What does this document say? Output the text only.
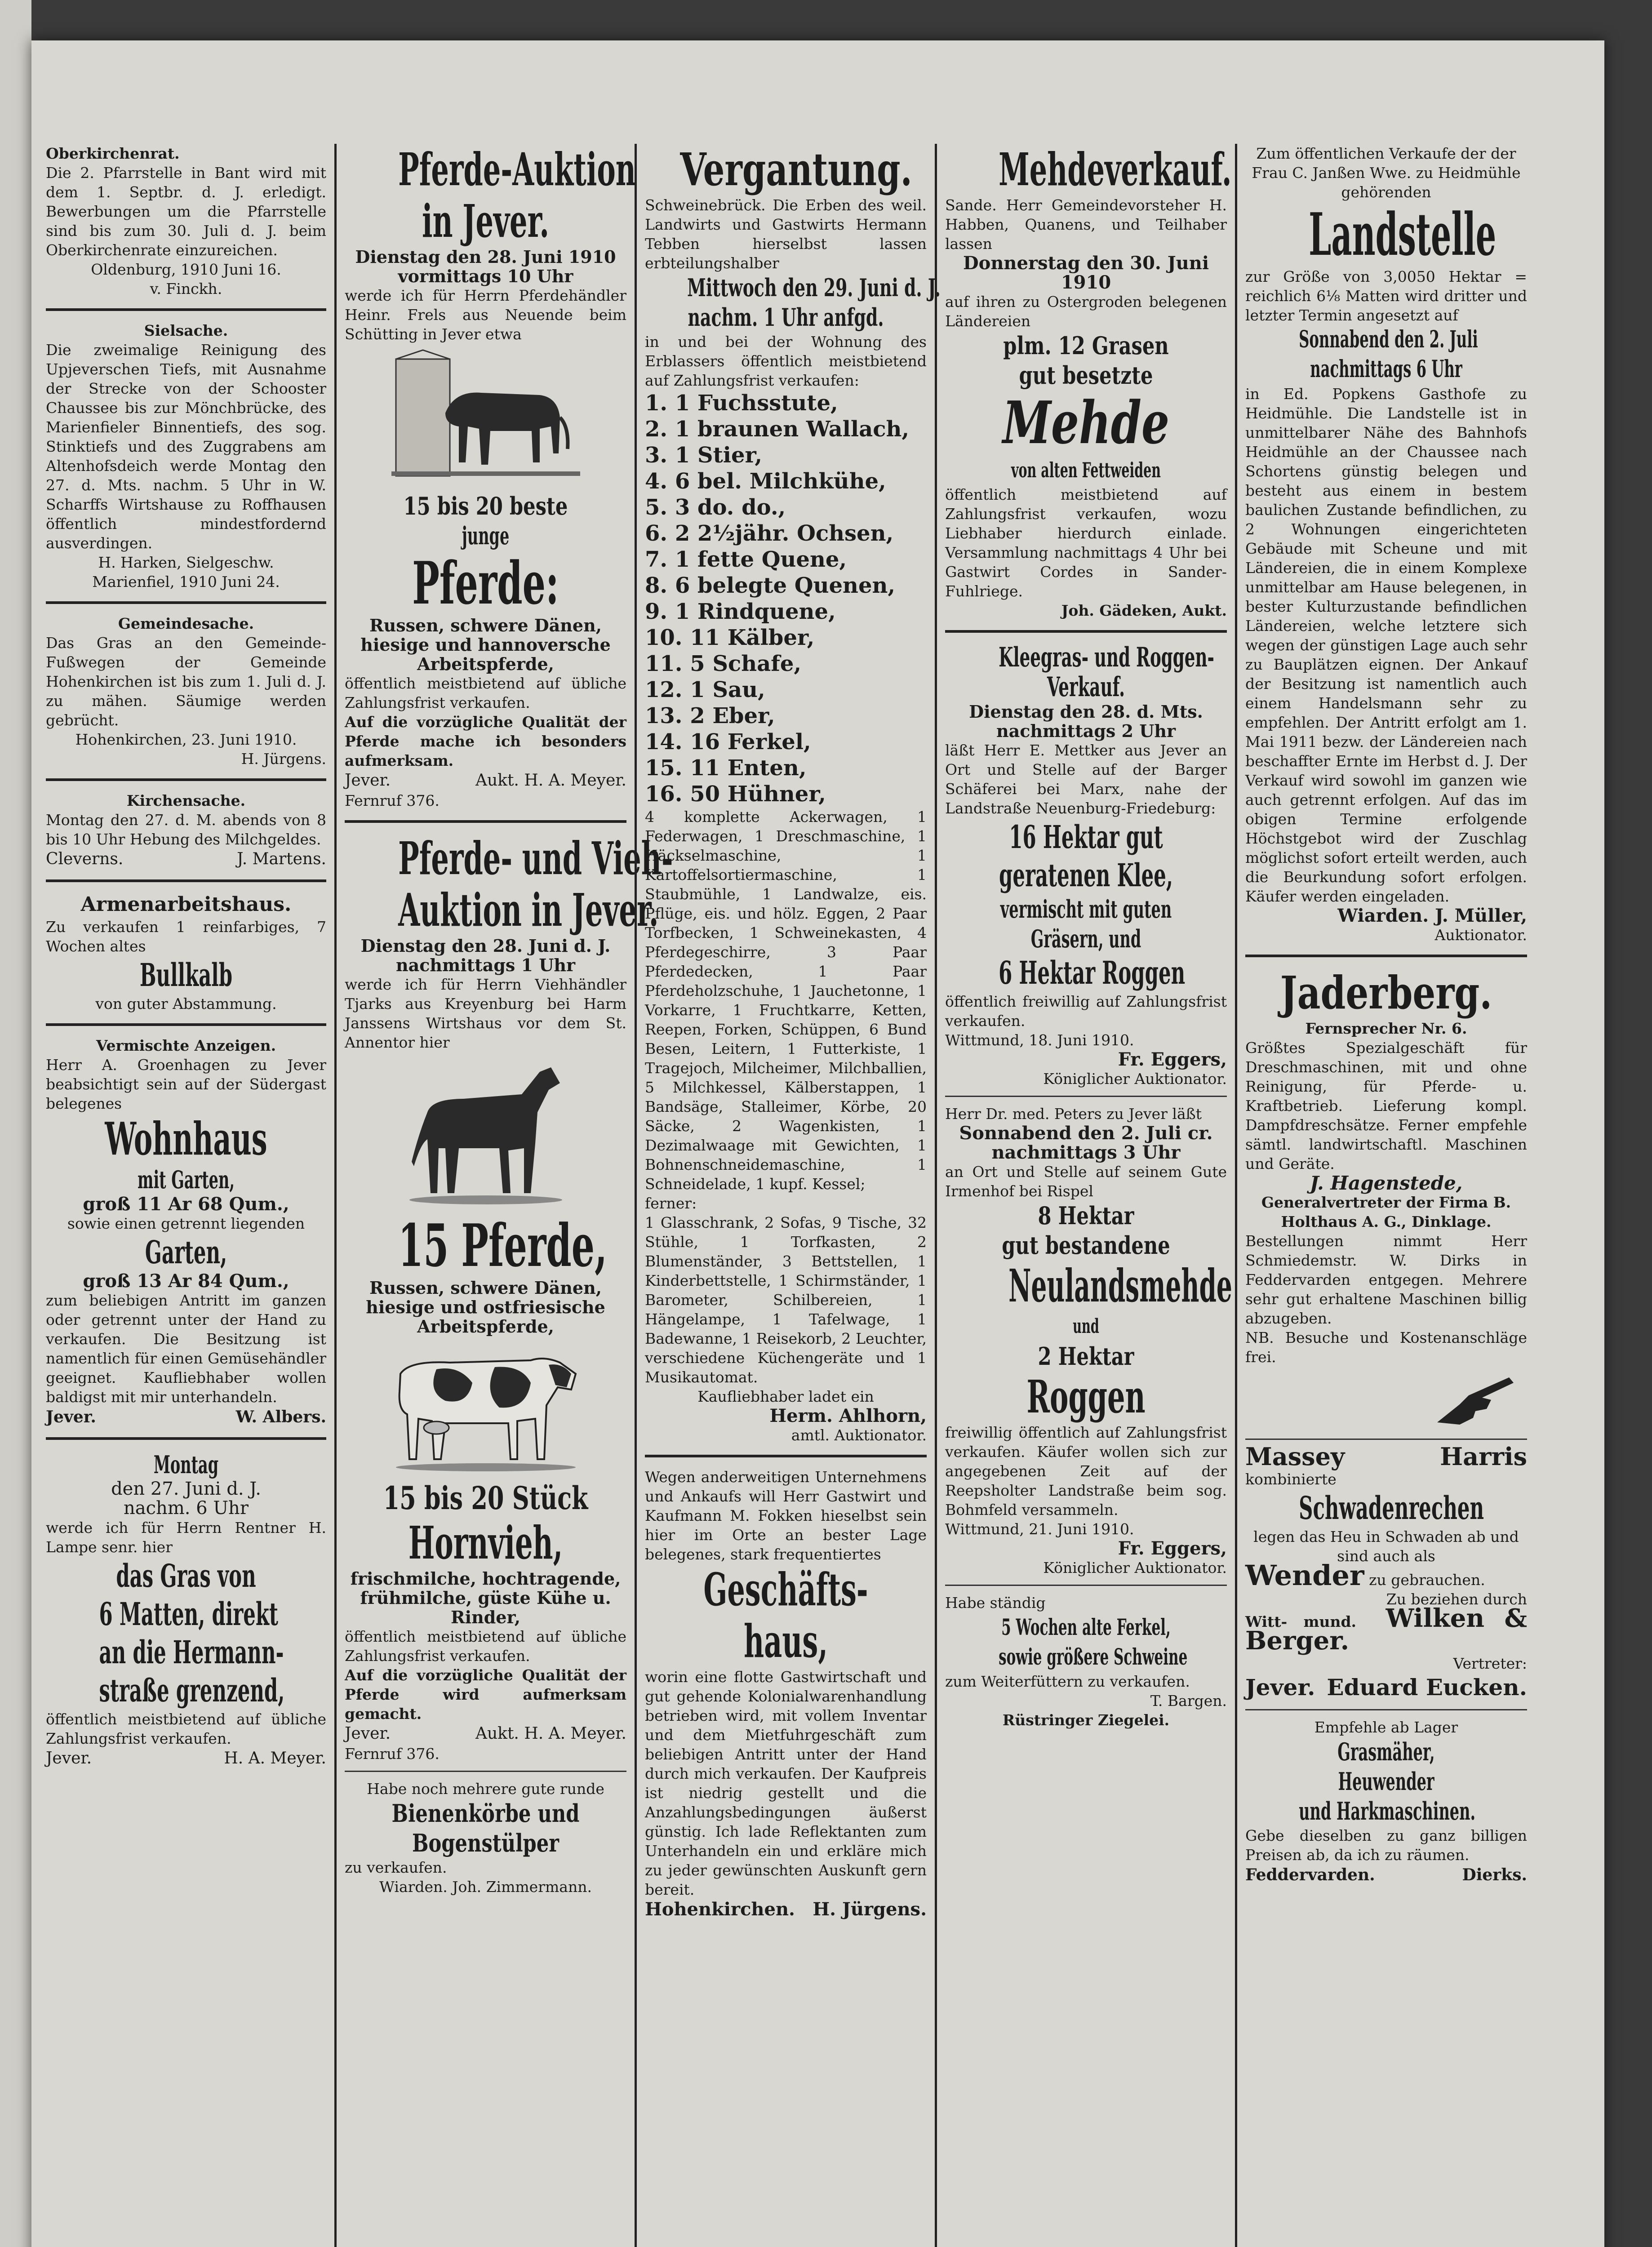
Oberkirchenrat.

Die 2. Pfarrstelle in Bant wird mit dem 1. Septbr. d. J. erledigt. Bewerbungen um die Pfarrstelle sind bis zum 30. Juli d. J. beim Oberkirchenrate einzureichen.

Oldenburg, 1910 Juni 16.

v. Finckh.

Sielsache.

Die zweimalige Reinigung des Upjeverschen Tiefs, mit Ausnahme der Strecke von der Schooster Chaussee bis zur Mönchbrücke, des Marienfieler Binnentiefs, des sog. Stinktiefs und des Zuggrabens am Altenhofsdeich werde Montag den 27. d. Mts. nachm. 5 Uhr in W. Scharffs Wirtshause zu Roffhausen öffentlich mindestfordernd ausverdingen.

H. Harken, Sielgeschw.

Marienfiel, 1910 Juni 24.

Gemeindesache.

Das Gras an den Gemeinde-Fußwegen der Gemeinde Hohenkirchen ist bis zum 1. Juli d. J. zu mähen. Säumige werden gebrücht.

Hohenkirchen, 23. Juni 1910.

H. Jürgens.

Kirchensache.

Montag den 27. d. M. abends von 8 bis 10 Uhr Hebung des Milchgeldes.

Cleverns.	J. Martens.

Armenarbeitshaus.

Zu verkaufen 1 reinfarbiges, 7 Wochen altes

Bullkalb

von guter Abstammung.

Vermischte Anzeigen.

Herr A. Groenhagen zu Jever beabsichtigt sein auf der Südergast belegenes

Wohnhaus

mit Garten,

groß 11 Ar 68 Qum.,

sowie einen getrennt liegenden

Garten,

groß 13 Ar 84 Qum.,

zum beliebigen Antritt im ganzen oder getrennt unter der Hand zu verkaufen. Die Besitzung ist namentlich für einen Gemüsehändler geeignet. Kaufliebhaber wollen baldigst mit mir unterhandeln.

Jever.	W. Albers.

Montag

den 27. Juni d. J.

nachm. 6 Uhr

werde ich für Herrn Rentner H. Lampe senr. hier

das Gras von

6 Matten, direkt

an die Hermann-

straße grenzend,

öffentlich meistbietend auf übliche Zahlungsfrist verkaufen.

Jever.	H. A. Meyer.

Pferde-Auktion

in Jever.

Dienstag den 28. Juni 1910

vormittags 10 Uhr

werde ich für Herrn Pferdehändler Heinr. Frels aus Neuende beim Schütting in Jever etwa

15 bis 20 beste

junge

Pferde:

Russen, schwere Dänen, hiesige und hannoversche Arbeitspferde,

öffentlich meistbietend auf übliche Zahlungsfrist verkaufen.

Auf die vorzügliche Qualität der Pferde mache ich besonders aufmerksam.

Jever.	Aukt. H. A. Meyer.

Fernruf 376.

Pferde- und Vieh-

Auktion in Jever.

Dienstag den 28. Juni d. J.

nachmittags 1 Uhr

werde ich für Herrn Viehhändler Tjarks aus Kreyenburg bei Harm Janssens Wirtshaus vor dem St. Annentor hier

15 Pferde,

Russen, schwere Dänen, hiesige und ostfriesische Arbeitspferde,

15 bis 20 Stück

Hornvieh,

frischmilche, hochtragende, frühmilche, güste Kühe u. Rinder,

öffentlich meistbietend auf übliche Zahlungsfrist verkaufen.

Auf die vorzügliche Qualität der Pferde wird aufmerksam gemacht.

Jever.	Aukt. H. A. Meyer.

Fernruf 376.

Habe noch mehrere gute runde

Bienenkörbe und

Bogenstülper

zu verkaufen.

Wiarden. Joh. Zimmermann.

Vergantung.

Schweinebrück. Die Erben des weil. Landwirts und Gastwirts Hermann Tebben hierselbst lassen erbteilungshalber

Mittwoch den 29. Juni d. J.

nachm. 1 Uhr anfgd.

in und bei der Wohnung des Erblassers öffentlich meistbietend auf Zahlungsfrist verkaufen:

1. 1 Fuchsstute,

2. 1 braunen Wallach,

3. 1 Stier,

4. 6 bel. Milchkühe,

5. 3 do. do.,

6. 2 2½jähr. Ochsen,

7. 1 fette Quene,

8. 6 belegte Quenen,

9. 1 Rindquene,

10. 11 Kälber,

11. 5 Schafe,

12. 1 Sau,

13. 2 Eber,

14. 16 Ferkel,

15. 11 Enten,

16. 50 Hühner,

4 komplette Ackerwagen, 1 Federwagen, 1 Dreschmaschine, 1 Häckselmaschine, 1 Kartoffelsortiermaschine, 1 Staubmühle, 1 Landwalze, eis. Pflüge, eis. und hölz. Eggen, 2 Paar Torfbecken, 1 Schweinekasten, 4 Pferdegeschirre, 3 Paar Pferdedecken, 1 Paar Pferdeholzschuhe, 1 Jauchetonne, 1 Vorkarre, 1 Fruchtkarre, Ketten, Reepen, Forken, Schüppen, 6 Bund Besen, Leitern, 1 Futterkiste, 1 Tragejoch, Milcheimer, Milchballien, 5 Milchkessel, Kälberstappen, 1 Bandsäge, Stalleimer, Körbe, 20 Säcke, 2 Wagenkisten, 1 Dezimalwaage mit Gewichten, 1 Bohnenschneidemaschine, 1 Schneidelade, 1 kupf. Kessel;

ferner:

1 Glasschrank, 2 Sofas, 9 Tische, 32 Stühle, 1 Torfkasten, 2 Blumenständer, 3 Bettstellen, 1 Kinderbettstelle, 1 Schirmständer, 1 Barometer, Schilbereien, 1 Hängelampe, 1 Tafelwage, 1 Badewanne, 1 Reisekorb, 2 Leuchter, verschiedene Küchengeräte und 1 Musikautomat.

Kaufliebhaber ladet ein

Herm. Ahlhorn,

amtl. Auktionator.

Wegen anderweitigen Unternehmens und Ankaufs will Herr Gastwirt und Kaufmann M. Fokken hieselbst sein hier im Orte an bester Lage belegenes, stark frequentiertes

Geschäfts-

haus,

worin eine flotte Gastwirtschaft und gut gehende Kolonialwarenhandlung betrieben wird, mit vollem Inventar und dem Mietfuhrgeschäft zum beliebigen Antritt unter der Hand durch mich verkaufen. Der Kaufpreis ist niedrig gestellt und die Anzahlungsbedingungen äußerst günstig. Ich lade Reflektanten zum Unterhandeln ein und erkläre mich zu jeder gewünschten Auskunft gern bereit.

Hohenkirchen. H. Jürgens.

Mehdeverkauf.

Sande. Herr Gemeindevorsteher H. Habben, Quanens, und Teilhaber lassen

Donnerstag den 30. Juni 1910

auf ihren zu Ostergroden belegenen Ländereien

plm. 12 Grasen

gut besetzte

Mehde

von alten Fettweiden

öffentlich meistbietend auf Zahlungsfrist verkaufen, wozu Liebhaber hierdurch einlade. Versammlung nachmittags 4 Uhr bei Gastwirt Cordes in Sander-Fuhlriege.

Joh. Gädeken, Aukt.

Kleegras- und Roggen-

Verkauf.

Dienstag den 28. d. Mts.

nachmittags 2 Uhr

läßt Herr E. Mettker aus Jever an Ort und Stelle auf der Barger Schäferei bei Marx, nahe der Landstraße Neuenburg-Friedeburg:

16 Hektar gut

geratenen Klee,

vermischt mit guten

Gräsern, und

6 Hektar Roggen

öffentlich freiwillig auf Zahlungsfrist verkaufen.

Wittmund, 18. Juni 1910.

Fr. Eggers,

Königlicher Auktionator.

Herr Dr. med. Peters zu Jever läßt

Sonnabend den 2. Juli cr.

nachmittags 3 Uhr

an Ort und Stelle auf seinem Gute Irmenhof bei Rispel

8 Hektar

gut bestandene

Neulandsmehde

und

2 Hektar

Roggen

freiwillig öffentlich auf Zahlungsfrist verkaufen. Käufer wollen sich zur angegebenen Zeit auf der Reepsholter Landstraße beim sog. Bohmfeld versammeln.

Wittmund, 21. Juni 1910.

Fr. Eggers,

Königlicher Auktionator.

Habe ständig

5 Wochen alte Ferkel,

sowie größere Schweine

zum Weiterfüttern zu verkaufen.

T. Bargen.

Rüstringer Ziegelei.

Zum öffentlichen Verkaufe der der Frau C. Janßen Wwe. zu Heidmühle gehörenden

Landstelle

zur Größe von 3,0050 Hektar = reichlich 6⅛ Matten wird dritter und letzter Termin angesetzt auf

Sonnabend den 2. Juli

nachmittags 6 Uhr

in Ed. Popkens Gasthofe zu Heidmühle. Die Landstelle ist in unmittelbarer Nähe des Bahnhofs Heidmühle an der Chaussee nach Schortens günstig belegen und besteht aus einem in bestem baulichen Zustande befindlichen, zu 2 Wohnungen eingerichteten Gebäude mit Scheune und mit Ländereien, die in einem Komplexe unmittelbar am Hause belegenen, in bester Kulturzustande befindlichen Ländereien, welche letztere sich wegen der günstigen Lage auch sehr zu Bauplätzen eignen. Der Ankauf der Besitzung ist namentlich auch einem Handelsmann sehr zu empfehlen. Der Antritt erfolgt am 1. Mai 1911 bezw. der Ländereien nach beschaffter Ernte im Herbst d. J. Der Verkauf wird sowohl im ganzen wie auch getrennt erfolgen. Auf das im obigen Termine erfolgende Höchstgebot wird der Zuschlag möglichst sofort erteilt werden, auch die Beurkundung sofort erfolgen. Käufer werden eingeladen.

Wiarden. J. Müller,

Auktionator.

Jaderberg.

Fernsprecher Nr. 6.

Größtes Spezialgeschäft für Dreschmaschinen, mit und ohne Reinigung, für Pferde- u. Kraftbetrieb. Lieferung kompl. Dampfdreschsätze. Ferner empfehle sämtl. landwirtschaftl. Maschinen und Geräte.

J. Hagenstede,

Generalvertreter der Firma B. Holthaus A. G., Dinklage.

Bestellungen nimmt Herr Schmiedemstr. W. Dirks in Feddervarden entgegen. Mehrere sehr gut erhaltene Maschinen billig abzugeben.

NB. Besuche und Kostenanschläge frei.

Massey Harris kombinierte

Schwadenrechen

legen das Heu in Schwaden ab und sind auch als

Wender zu gebrauchen.

Zu beziehen durch

Witt- mund. Wilken & Berger.

Vertreter:

Jever. Eduard Eucken.

Empfehle ab Lager

Grasmäher,

Heuwender

und Harkmaschinen.

Gebe dieselben zu ganz billigen Preisen ab, da ich zu räumen.

Feddervarden.	Dierks.
